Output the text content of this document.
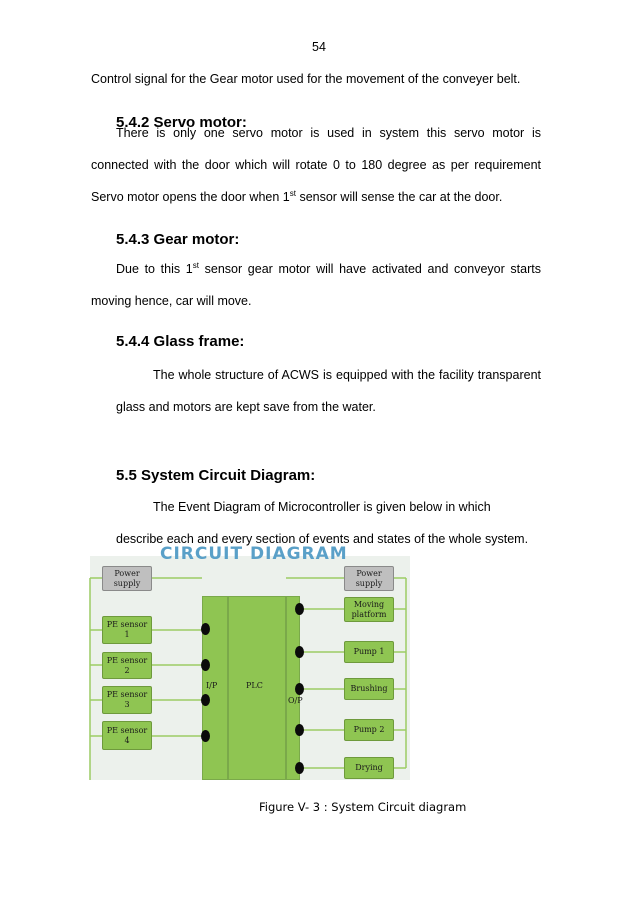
54
Control signal for the Gear motor used for the movement of the conveyer belt.
5.4.2 Servo motor:
There is only one servo motor is used in system this servo motor is
connected with the door which will rotate 0 to 180 degree as per requirement
Servo motor opens the door when 1st sensor will sense the car at the door.
5.4.3 Gear motor:
Due to this 1st sensor gear motor will have activated and conveyor starts
moving hence, car will move.
5.4.4 Glass frame:
The whole structure of ACWS is equipped with the facility transparent
glass and motors are kept save from the water.
5.5 System Circuit Diagram:
The Event Diagram of Microcontroller is given below in which
describe each and every section of events and states of the whole system.
CIRCUIT DIAGRAM
I/P	PLC
O/P
Power
supply
PE sensor
1
PE sensor
2
PE sensor
3
PE sensor
4
Power
supply
Moving
platform
Pump 1
Brushing
Pump 2
Drying
Figure V- 3 : System Circuit diagram
